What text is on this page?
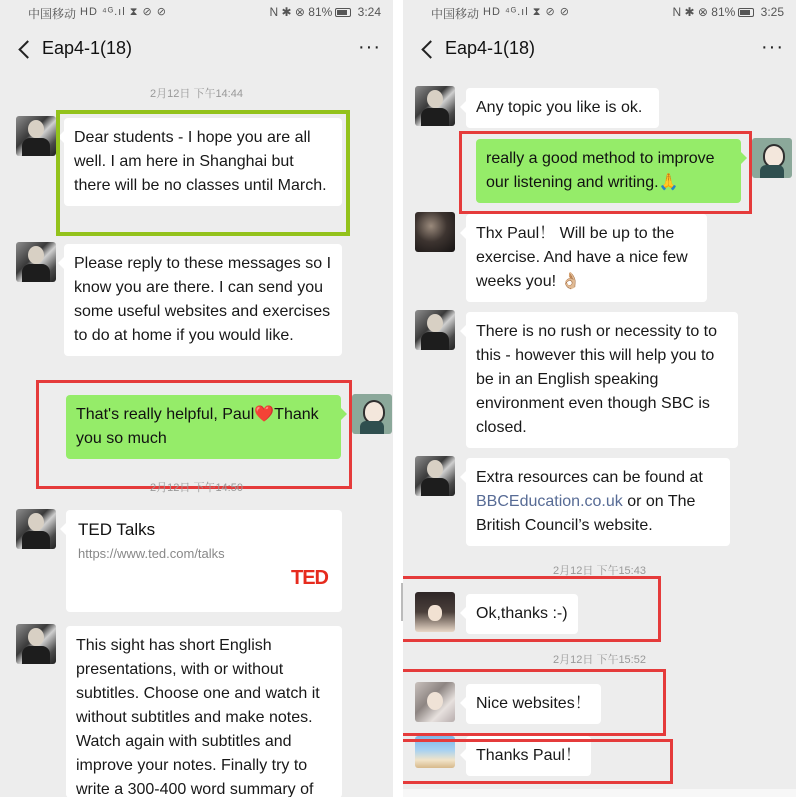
中国移动 HD ⁴ᴳ.ıl ⧗ ⊘ ⊘	N ✱ ⊗ 81% 3:24
Eap4-1(18)	···
2月12日 下午14:44
Dear students - I hope you are all well. I am here in Shanghai but there will be no classes until March.
Please reply to these messages so I know you are there. I can send you some useful websites and exercises to do at home if you would like.
That's really helpful, Paul❤️Thank you so much
2月12日 下午14:50
TED Talks
https://www.ted.com/talks
TED
This sight has short English presentations, with or without subtitles. Choose one and watch it without subtitles and make notes. Watch again with subtitles and improve your notes. Finally try to write a 300-400 word summary of
中国移动 HD ⁴ᴳ.ıl ⧗ ⊘ ⊘	N ✱ ⊗ 81% 3:25
Eap4-1(18)	···
Any topic you like is ok.
really a good method to improve our listening and writing.🙏
Thx Paul！ Will be up to the exercise. And have a nice few weeks you! 👌🏼
There is no rush or necessity to to this - however this will help you to be in an English speaking environment even though SBC is closed.
Extra resources can be found at BBCEducation.co.uk or on The British Council’s website.
2月12日 下午15:43
Ok,thanks :-)
2月12日 下午15:52
Nice websites！
Thanks Paul！
